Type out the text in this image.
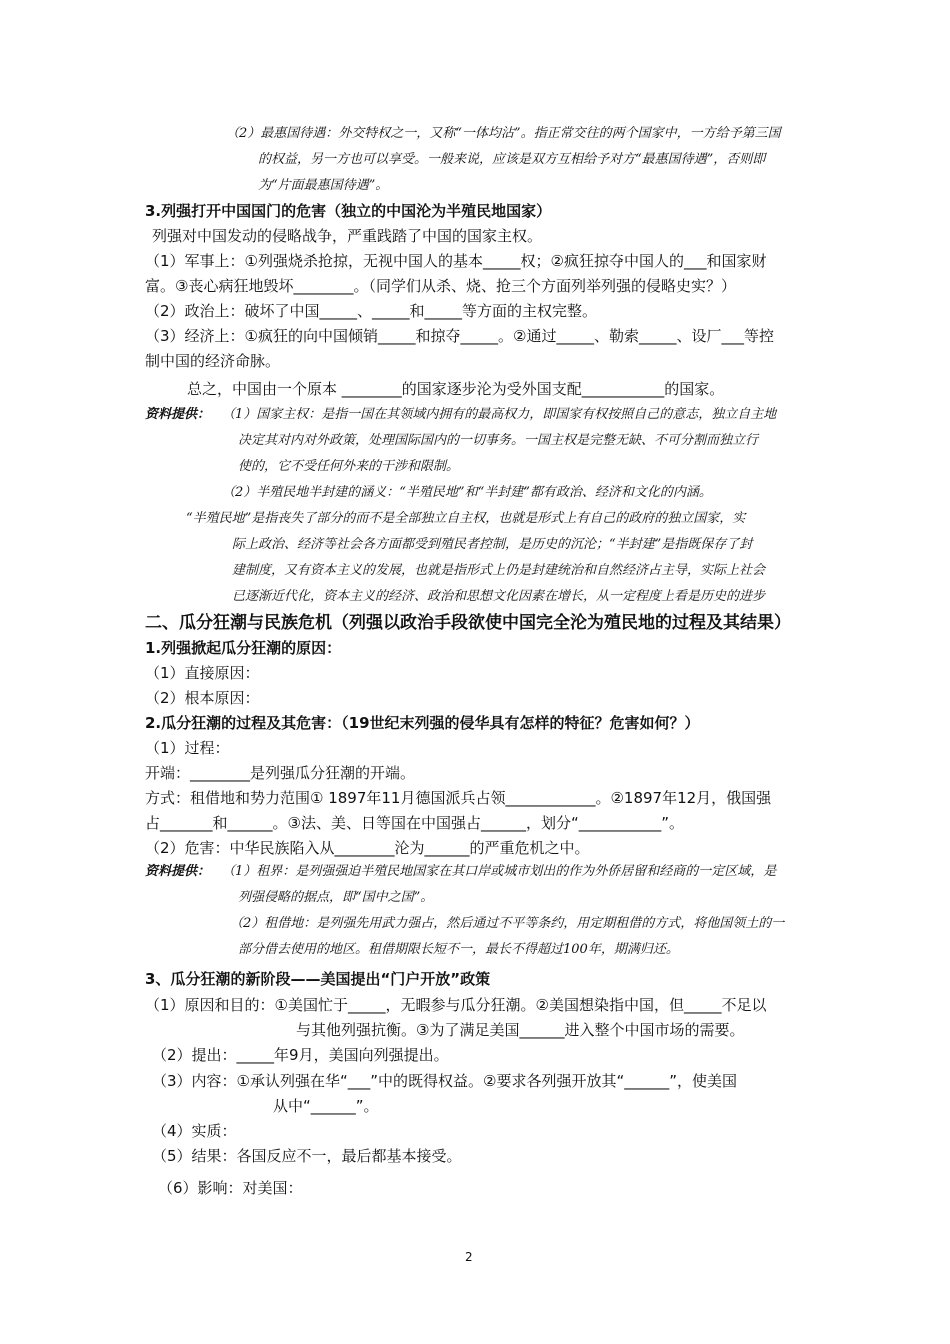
（2）最惠国待遇：外交特权之一，又称“一体均沾”。指正常交往的两个国家中，一方给予第三国
的权益，另一方也可以享受。一般来说，应该是双方互相给予对方“最惠国待遇”，否则即
为“片面最惠国待遇”。
3.列强打开中国国门的危害（独立的中国沦为半殖民地国家）
列强对中国发动的侵略战争，严重践踏了中国的国家主权。
（1）军事上：①列强烧杀抢掠，无视中国人的基本_____权；②疯狂掠夺中国人的___和国家财
富。③丧心病狂地毁坏________。（同学们从杀、烧、抢三个方面列举列强的侵略史实？）
（2）政治上：破坏了中国_____、_____和_____等方面的主权完整。
（3）经济上：①疯狂的向中国倾销_____和掠夺_____。②通过_____、勒索_____、设厂___等控
制中国的经济命脉。
总之，中国由一个原本 ________的国家逐步沦为受外国支配___________的国家。
资料提供： （1）国家主权：是指一国在其领域内拥有的最高权力，即国家有权按照自己的意志，独立自主地
决定其对内对外政策，处理国际国内的一切事务。一国主权是完整无缺、不可分割而独立行
使的，它不受任何外来的干涉和限制。
（2）半殖民地半封建的涵义：“半殖民地”和“半封建”都有政治、经济和文化的内涵。
“半殖民地”是指丧失了部分的而不是全部独立自主权，也就是形式上有自己的政府的独立国家，实
际上政治、经济等社会各方面都受到殖民者控制，是历史的沉沦；“半封建”是指既保存了封
建制度，又有资本主义的发展，也就是指形式上仍是封建统治和自然经济占主导，实际上社会
已逐渐近代化，资本主义的经济、政治和思想文化因素在增长，从一定程度上看是历史的进步
二、瓜分狂潮与民族危机（列强以政治手段欲使中国完全沦为殖民地的过程及其结果）
1.列强掀起瓜分狂潮的原因：
（1）直接原因：
（2）根本原因：
2.瓜分狂潮的过程及其危害：（19世纪末列强的侵华具有怎样的特征？危害如何？）
（1）过程：
开端：________是列强瓜分狂潮的开端。
方式：租借地和势力范围① 1897年11月德国派兵占领____________。②1897年12月，俄国强
占_______和______。③法、美、日等国在中国强占______，划分“___________”。
（2）危害：中华民族陷入从________沦为______的严重危机之中。
资料提供： （1）租界：是列强强迫半殖民地国家在其口岸或城市划出的作为外侨居留和经商的一定区域，是
列强侵略的据点，即“国中之国”。
（2）租借地：是列强先用武力强占，然后通过不平等条约，用定期租借的方式，将他国领土的一
部分借去使用的地区。租借期限长短不一，最长不得超过100年，期满归还。
3、瓜分狂潮的新阶段——美国提出“门户开放”政策
（1）原因和目的：①美国忙于_____，无暇参与瓜分狂潮。②美国想染指中国，但_____不足以
与其他列强抗衡。③为了满足美国______进入整个中国市场的需要。
（2）提出：_____年9月，美国向列强提出。
（3）内容：①承认列强在华“___”中的既得权益。②要求各列强开放其“______”，使美国
从中“______”。
（4）实质：
（5）结果：各国反应不一，最后都基本接受。
（6）影响：对美国：
2
